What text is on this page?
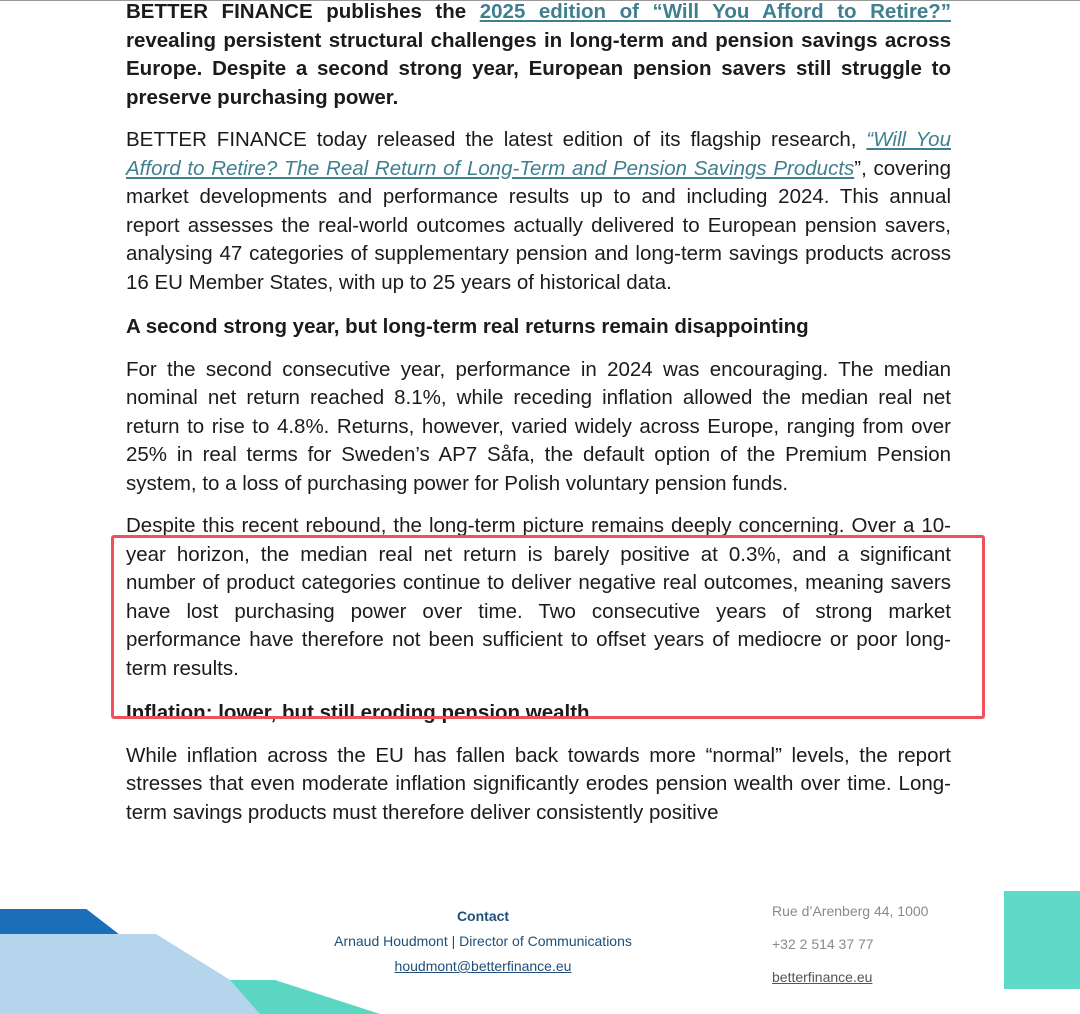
BETTER FINANCE publishes the 2025 edition of “Will You Afford to Retire?” revealing persistent structural challenges in long-term and pension savings across Europe. Despite a second strong year, European pension savers still struggle to preserve purchasing power.

BETTER FINANCE today released the latest edition of its flagship research, “Will You Afford to Retire? The Real Return of Long-Term and Pension Savings Products”, covering market developments and performance results up to and including 2024. This annual report assesses the real-world outcomes actually delivered to European pension savers, analysing 47 categories of supplementary pension and long-term savings products across 16 EU Member States, with up to 25 years of historical data.

A second strong year, but long-term real returns remain disappointing

For the second consecutive year, performance in 2024 was encouraging. The median nominal net return reached 8.1%, while receding inflation allowed the median real net return to rise to 4.8%. Returns, however, varied widely across Europe, ranging from over 25% in real terms for Sweden’s AP7 Såfa, the default option of the Premium Pension system, to a loss of purchasing power for Polish voluntary pension funds.

Despite this recent rebound, the long-term picture remains deeply concerning. Over a 10-year horizon, the median real net return is barely positive at 0.3%, and a significant number of product categories continue to deliver negative real outcomes, meaning savers have lost purchasing power over time. Two consecutive years of strong market performance have therefore not been sufficient to offset years of mediocre or poor long-term results.

Inflation: lower, but still eroding pension wealth

While inflation across the EU has fallen back towards more “normal” levels, the report stresses that even moderate inflation significantly erodes pension wealth over time. Long-term savings products must therefore deliver consistently positive

Contact
Arnaud Houdmont | Director of Communications
houdmont@betterfinance.eu
Rue d’Arenberg 44, 1000
+32 2 514 37 77
betterfinance.eu
